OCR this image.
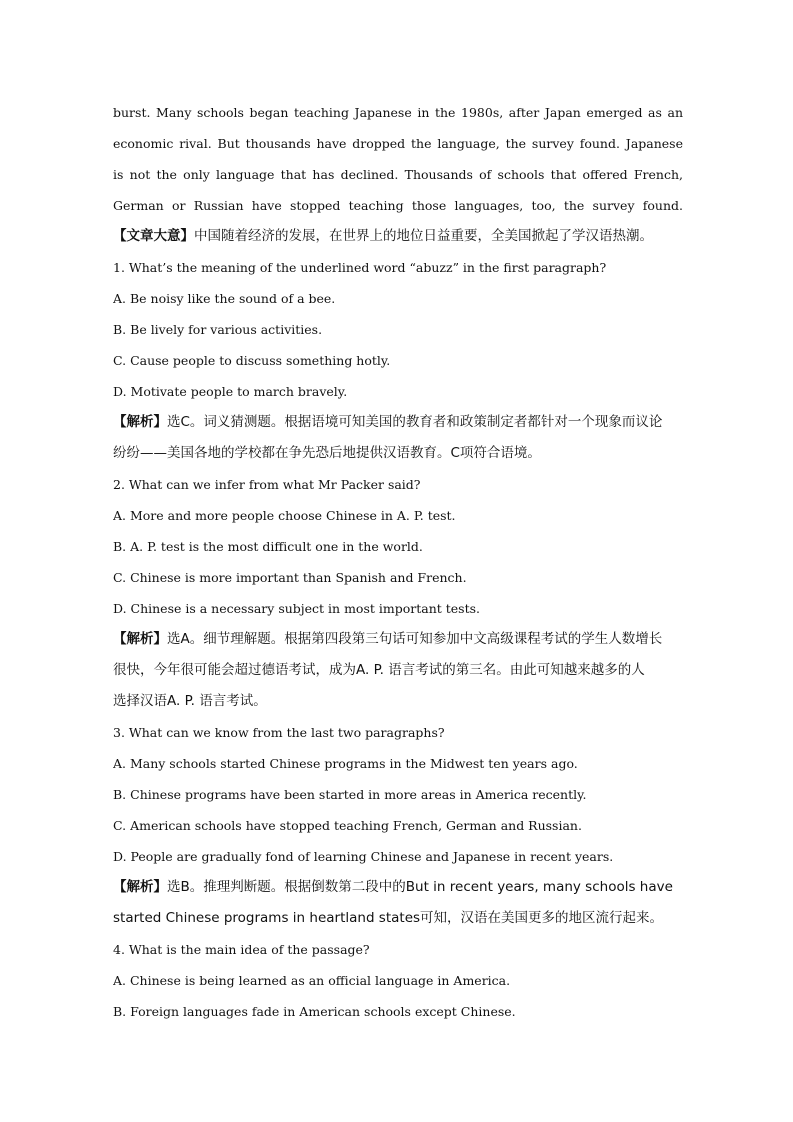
burst. Many schools began teaching Japanese in the 1980s, after Japan emerged as an
economic rival. But thousands have dropped the language, the survey found. Japanese
is not the only language that has declined. Thousands of schools that offered French,
German or Russian have stopped teaching those languages, too, the survey found.
【文章大意】中国随着经济的发展，在世界上的地位日益重要，全美国掀起了学汉语热潮。
1. What’s the meaning of the underlined word “abuzz” in the first paragraph?
A. Be noisy like the sound of a bee.
B. Be lively for various activities.
C. Cause people to discuss something hotly.
D. Motivate people to march bravely.
【解析】选C。词义猜测题。根据语境可知美国的教育者和政策制定者都针对一个现象而议论
纷纷——美国各地的学校都在争先恐后地提供汉语教育。C项符合语境。
2. What can we infer from what Mr Packer said?
A. More and more people choose Chinese in A. P. test.
B. A. P. test is the most difficult one in the world.
C. Chinese is more important than Spanish and French.
D. Chinese is a necessary subject in most important tests.
【解析】选A。细节理解题。根据第四段第三句话可知参加中文高级课程考试的学生人数增长
很快，今年很可能会超过德语考试，成为A. P. 语言考试的第三名。由此可知越来越多的人
选择汉语A. P. 语言考试。
3. What can we know from the last two paragraphs?
A. Many schools started Chinese programs in the Midwest ten years ago.
B. Chinese programs have been started in more areas in America recently.
C. American schools have stopped teaching French, German and Russian.
D. People are gradually fond of learning Chinese and Japanese in recent years.
【解析】选B。推理判断题。根据倒数第二段中的But in recent years, many schools have
started Chinese programs in heartland states可知，汉语在美国更多的地区流行起来。
4. What is the main idea of the passage?
A. Chinese is being learned as an official language in America.
B. Foreign languages fade in American schools except Chinese.
